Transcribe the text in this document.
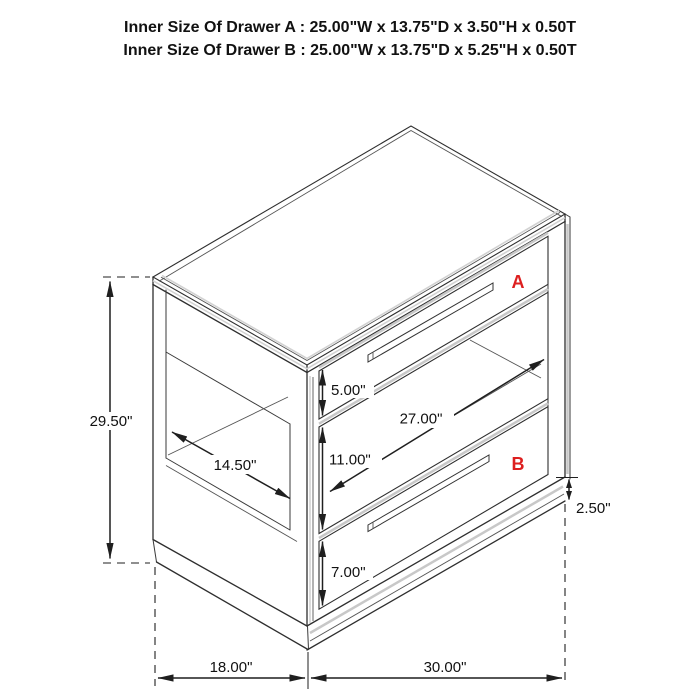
29.50"
14.50"
5.00"
11.00"
27.00"
7.00"
2.50"
18.00"	30.00"
A
B
Inner Size Of Drawer A : 25.00"W x 13.75"D x 3.50"H x 0.50T
Inner Size Of Drawer B : 25.00"W x 13.75"D x 5.25"H x 0.50T
